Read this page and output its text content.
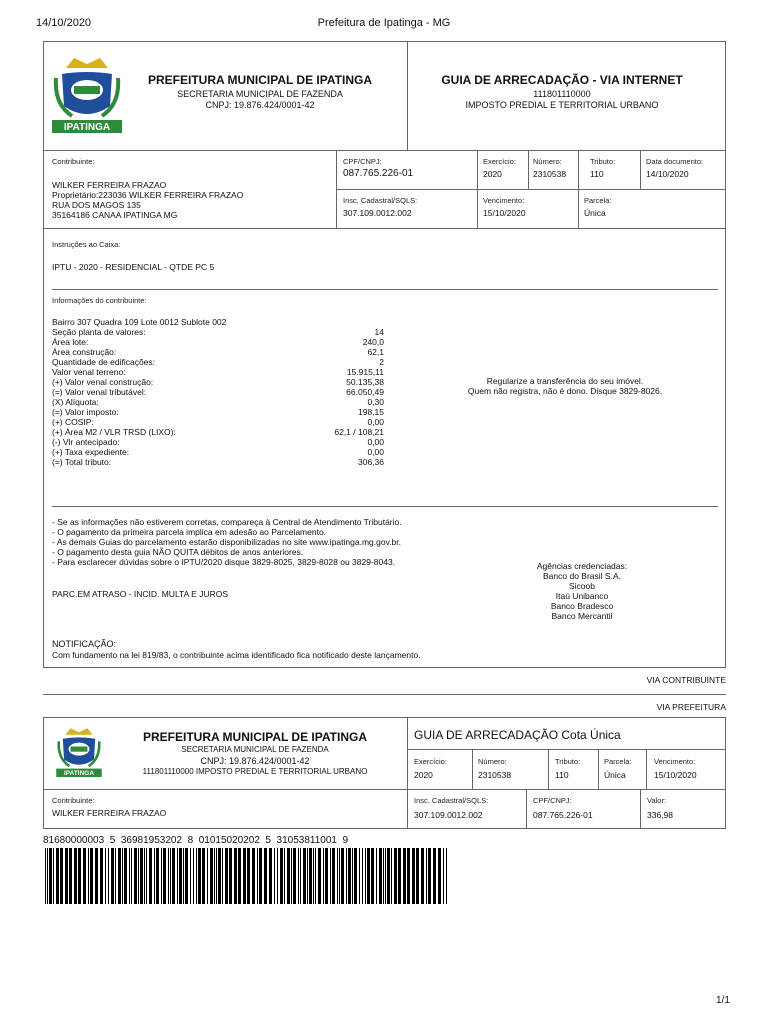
14/10/2020	Prefeitura de Ipatinga - MG
IPATINGA
PREFEITURA MUNICIPAL DE IPATINGA
SECRETARIA MUNICIPAL DE FAZENDA
CNPJ: 19.876.424/0001-42
GUIA DE ARRECADAÇÃO - VIA INTERNET
111801110000
IMPOSTO PREDIAL E TERRITORIAL URBANO
Contribuinte:
WILKER FERREIRA FRAZAO
Proprietário:223036 WILKER FERREIRA FRAZAO
RUA DOS MAGOS 135
35164186 CANAA IPATINGA MG
CPF/CNPJ:
087.765.226-01
Exercício:
2020
Número:
2310538
Tributo:
110
Data documento:
14/10/2020
Insc. Cadastral/SQLS:
307.109.0012.002
Vencimento:
15/10/2020
Parcela:
Única
Instruções ao Caixa:
IPTU - 2020 - RESIDENCIAL - QTDE PC 5
Informações do contribuinte:
Bairro 307 Quadra 109 Lote 0012 Sublote 002
Seção planta de valores:	14
Área lote:	240,0
Área construção:	62,1
Quantidade de edificações:	2
Valor venal terreno:	15.915,11
(+) Valor venal construção:	50.135,38
(=) Valor venal tributável:	66.050,49
(X) Alíquota:	0,30
(=) Valor imposto:	198,15
(+) COSIP:	0,00
(+) Área M2 / VLR TRSD (LIXO):	62,1 / 108,21
(-) Vlr antecipado:	0,00
(+) Taxa expediente:	0,00
(=) Total tributo:	306,36
Regularize a transferência do seu imóvel.
Quem não registra, não é dono. Disque 3829-8026.
- Se as informações não estiverem corretas, compareça à Central de Atendimento Tributário.
- O pagamento da primeira parcela implica em adesão ao Parcelamento.
- As demais Guias do parcelamento estarão disponibilizadas no site www.ipatinga.mg.gov.br.
- O pagamento desta guia NÃO QUITA débitos de anos anteriores.
- Para esclarecer dúvidas sobre o IPTU/2020 disque 3829-8025, 3829-8028 ou 3829-8043.
PARC.EM ATRASO - INCID. MULTA E JUROS
Agências credenciadas:
Banco do Brasil S.A.
Sicoob
Itaú Unibanco
Banco Bradesco
Banco Mercantil
NOTIFICAÇÃO:
Com fundamento na lei 819/83, o contribuinte acima identificado fica notificado deste lançamento.
VIA CONTRIBUINTE
VIA PREFEITURA
IPATINGA
PREFEITURA MUNICIPAL DE IPATINGA
SECRETARIA MUNICIPAL DE FAZENDA
CNPJ: 19.876.424/0001-42
111801110000 IMPOSTO PREDIAL E TERRITORIAL URBANO
GUIA DE ARRECADAÇÃO Cota Única
Exercício:
2020
Número:
2310538
Tributo:
110
Parcela:
Única
Vencimento:
15/10/2020
Contribuinte:
WILKER FERREIRA FRAZAO
Insc. Cadastral/SQLS:
307.109.0012.002
CPF/CNPJ:
087.765.226-01
Valor:
336,98
81680000003  5  36981953202  8  01015020202  5  31053811001  9
1/1
